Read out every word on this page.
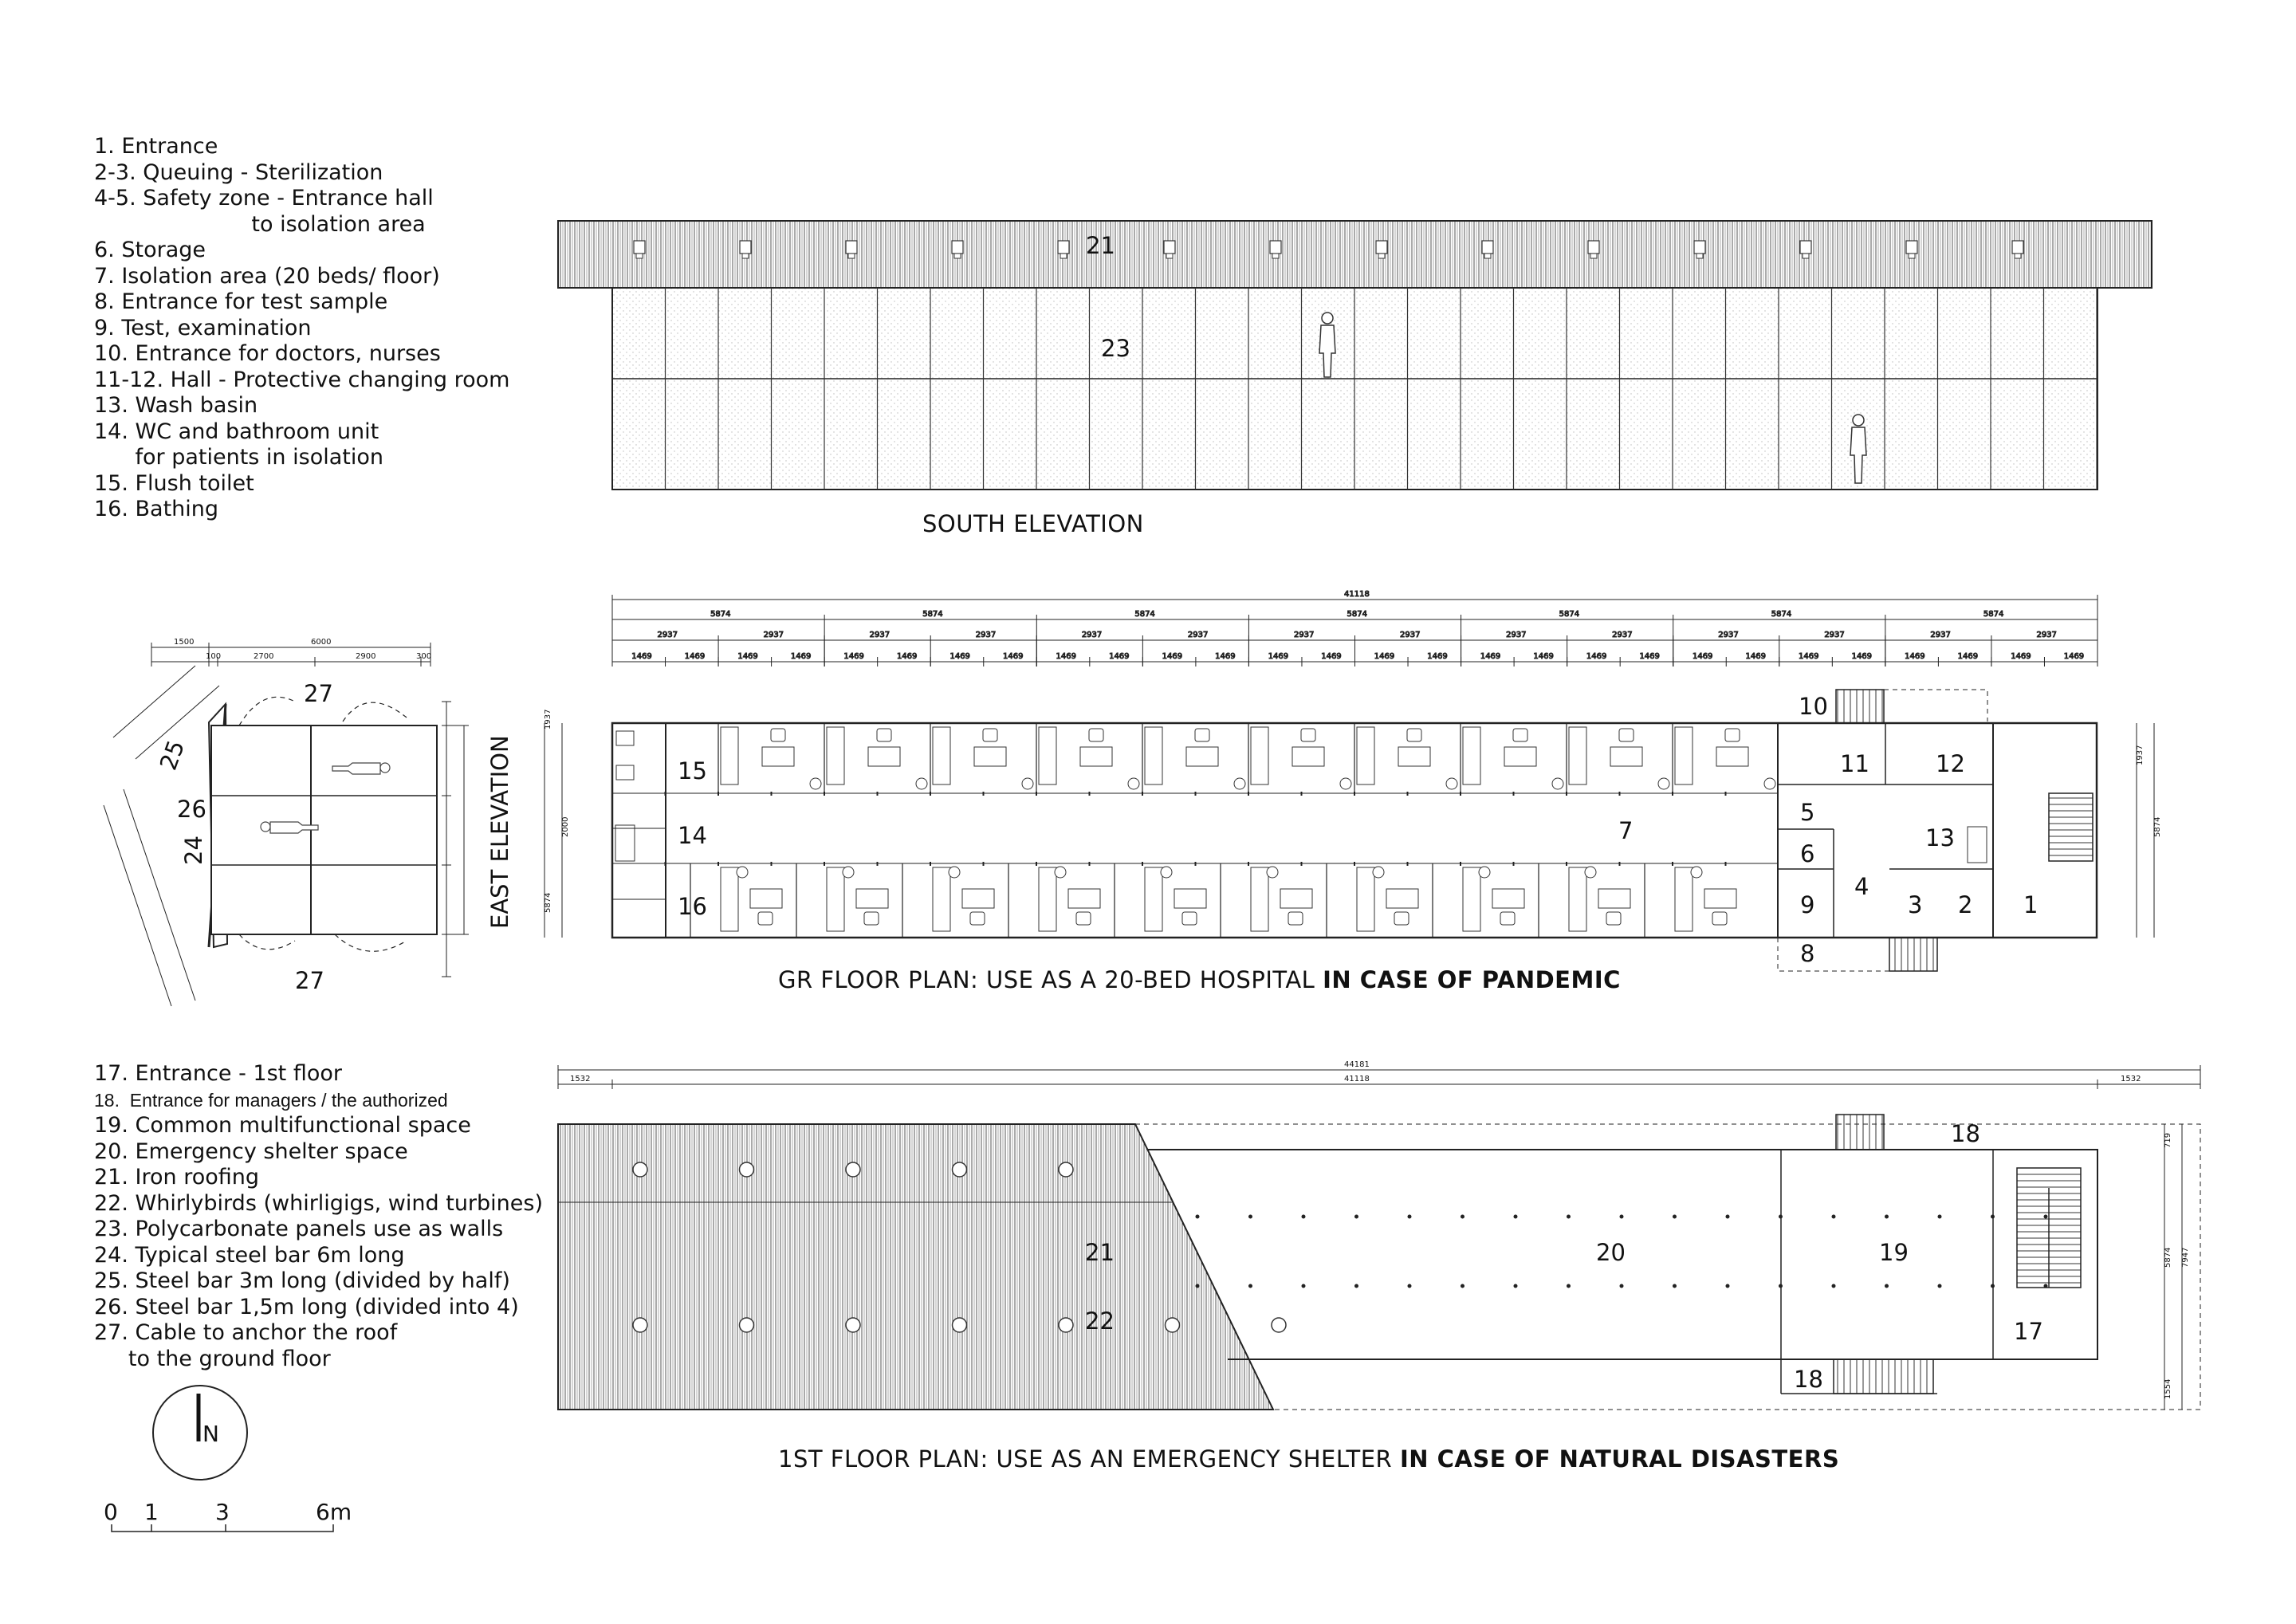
1. Entrance
2-3. Queuing - Sterilization
4-5. Safety zone - Entrance hall
to isolation area
6. Storage
7. Isolation area (20 beds/ floor)
8. Entrance for test sample
9. Test, examination
10. Entrance for doctors, nurses
11-12. Hall - Protective changing room
13. Wash basin
14. WC and bathroom unit
for patients in isolation
15. Flush toilet
16. Bathing
17. Entrance - 1st floor
18.  Entrance for managers / the authorized
19. Common multifunctional space
20. Emergency shelter space
21. Iron roofing
22. Whirlybirds (whirligigs, wind turbines)
23. Polycarbonate panels use as walls
24. Typical steel bar 6m long
25. Steel bar 3m long (divided by half)
26. Steel bar 1,5m long (divided into 4)
27. Cable to anchor the roof
to the ground floor
SOUTH ELEVATION
EAST ELEVATION
GR FLOOR PLAN: USE AS A 20-BED HOSPITAL IN CASE OF PANDEMIC
1ST FLOOR PLAN: USE AS AN EMERGENCY SHELTER IN CASE OF NATURAL DISASTERS
0 1	3	6m
21
23
1500	6000
100	2700	2900	300
27
27
25
26
24
41118
5874
2937
1469	1469
2937
1469	1469
5874
2937
1469	1469
2937
1469	1469
5874
2937
1469	1469
2937
1469	1469
5874
2937
1469	1469
2937
1469	1469
5874
2937
1469	1469
2937
1469	1469
5874
2937
1469	1469
2937
1469	1469
5874
2937
1469	1469
2937
1469	1469
1937
2000
5874
1937
5874
10
11	12
15
14
16
7
5
6
9
8
4
3 2 1
13
44181
41118
1532	1532
719
5874
1554
7947
21
22
20	19
17
18
18
N
